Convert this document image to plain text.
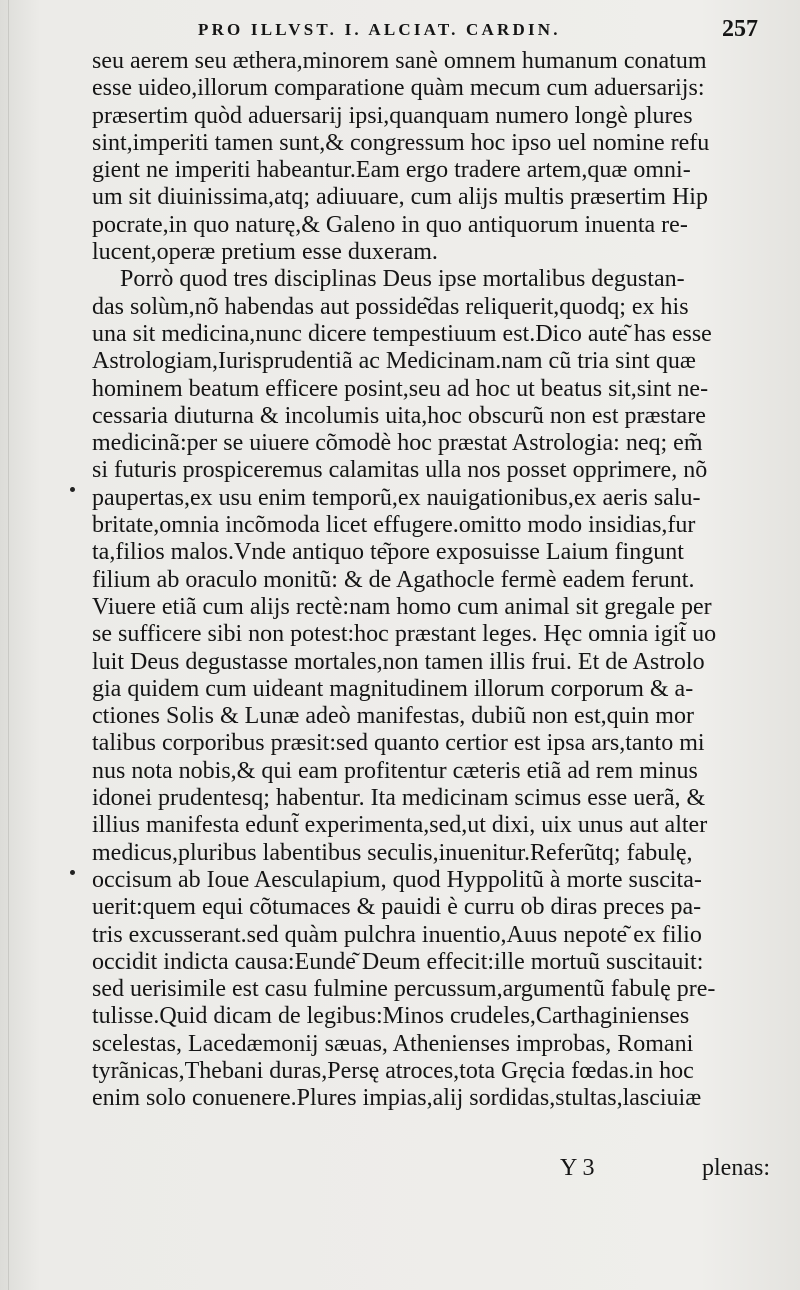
PRO ILLVST. I. ALCIAT. CARDIN.	257
seu aerem seu æthera,minorem sanè omnem humanum conatum
esse uideo,illorum comparatione quàm mecum cum aduersarijs:
præsertim quòd aduersarij ipsi,quanquam numero longè plures
sint,imperiti tamen sunt,& congressum hoc ipso uel nomine refu
gient ne imperiti habeantur.Eam ergo tradere artem,quæ omni-
um sit diuinissima,atq; adiuuare, cum alijs multis præsertim Hip
pocrate,in quo naturę,& Galeno in quo antiquorum inuenta re-
lucent,operæ pretium esse duxeram.
Porrò quod tres disciplinas Deus ipse mortalibus degustan-
das solùm,nõ habendas aut posside͂das reliquerit,quodq; ex his
una sit medicina,nunc dicere tempestiuum est.Dico aute͂ has esse
Astrologiam,Iurisprudentiã ac Medicinam.nam cũ tria sint quæ
hominem beatum efficere posint,seu ad hoc ut beatus sit,sint ne-
cessaria diuturna & incolumis uita,hoc obscurũ non est præstare
medicinã:per se uiuere cõmodè hoc præstat Astrologia: neq; em̃
si futuris prospiceremus calamitas ulla nos posset opprimere, nõ
paupertas,ex usu enim temporũ,ex nauigationibus,ex aeris salu-
britate,omnia incõmoda licet effugere.omitto modo insidias,fur
ta,filios malos.Vnde antiquo te͂pore exposuisse Laium fingunt
filium ab oraculo monitũ: & de Agathocle fermè eadem ferunt.
Viuere etiã cum alijs rectè:nam homo cum animal sit gregale per
se sufficere sibi non potest:hoc præstant leges. Hęc omnia igit̃ uo
luit Deus degustasse mortales,non tamen illis frui. Et de Astrolo
gia quidem cum uideant magnitudinem illorum corporum & a-
ctiones Solis & Lunæ adeò manifestas, dubiũ non est,quin mor
talibus corporibus præsit:sed quanto certior est ipsa ars,tanto mi
nus nota nobis,& qui eam profitentur cæteris etiã ad rem minus
idonei prudentesq; habentur. Ita medicinam scimus esse uerã, &
illius manifesta edunt̃ experimenta,sed,ut dixi, uix unus aut alter
medicus,pluribus labentibus seculis,inuenitur.Referũtq; fabulę,
occisum ab Ioue Aesculapium, quod Hyppolitũ à morte suscita-
uerit:quem equi cõtumaces & pauidi è curru ob diras preces pa-
tris excusserant.sed quàm pulchra inuentio,Auus nepote͂ ex filio
occidit indicta causa:Eunde͂ Deum effecit:ille mortuũ suscitauit:
sed uerisimile est casu fulmine percussum,argumentũ fabulę pre-
tulisse.Quid dicam de legibus:Minos crudeles,Carthaginienses
scelestas, Lacedæmonij sæuas, Athenienses improbas, Romani
tyrãnicas,Thebani duras,Persę atroces,tota Gręcia fœdas.in hoc
enim solo conuenere.Plures impias,alij sordidas,stultas,lasciuiæ
Y 3	plenas:
